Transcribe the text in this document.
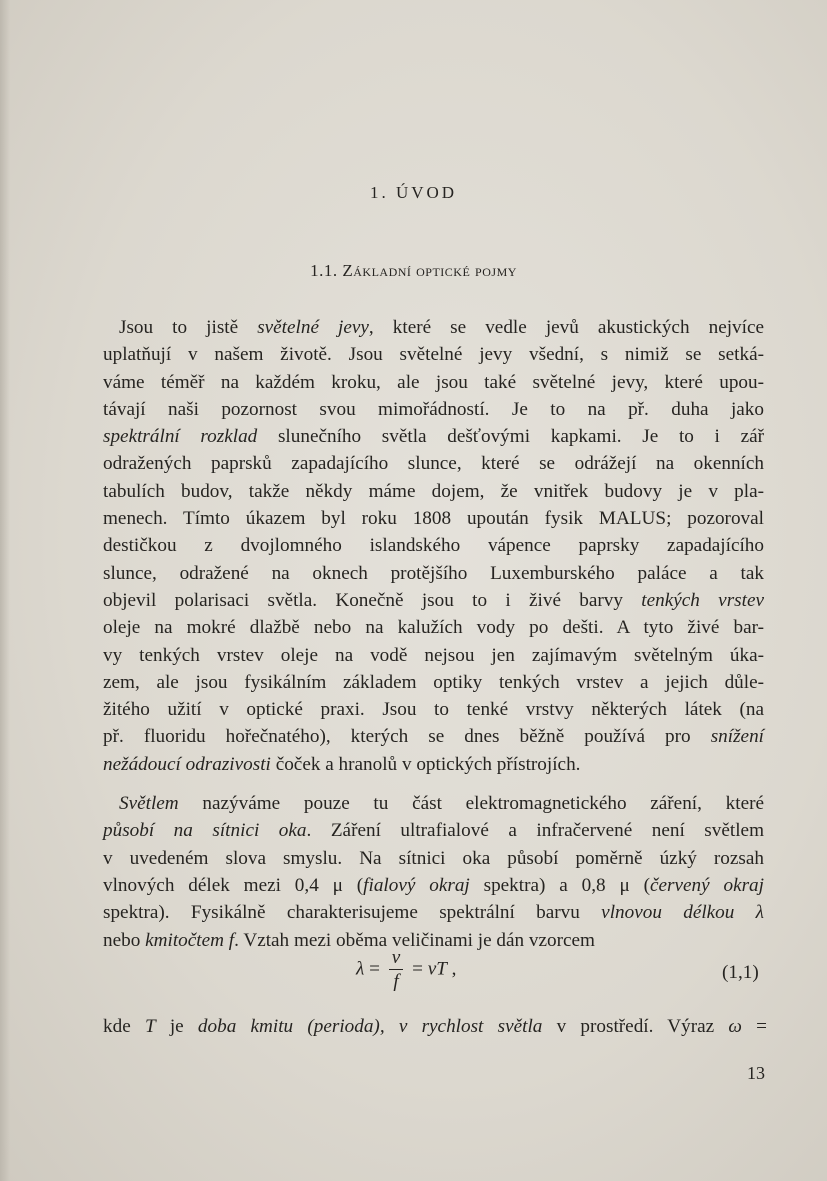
1. ÚVOD
1.1. Základní optické pojmy
Jsou to jistě světelné jevy, které se vedle jevů akustických nejvíce
uplatňují v našem životě. Jsou světelné jevy všední, s nimiž se setká-
váme téměř na každém kroku, ale jsou také světelné jevy, které upou-
távají naši pozornost svou mimořádností. Je to na př. duha jako
spektrální rozklad slunečního světla dešťovými kapkami. Je to i zář
odražených paprsků zapadajícího slunce, které se odrážejí na okenních
tabulích budov, takže někdy máme dojem, že vnitřek budovy je v pla-
menech. Tímto úkazem byl roku 1808 upoután fysik MALUS; pozoroval
destičkou z dvojlomného islandského vápence paprsky zapadajícího
slunce, odražené na oknech protějšího Luxemburského paláce a tak
objevil polarisaci světla. Konečně jsou to i živé barvy tenkých vrstev
oleje na mokré dlažbě nebo na kalužích vody po dešti. A tyto živé bar-
vy tenkých vrstev oleje na vodě nejsou jen zajímavým světelným úka-
zem, ale jsou fysikálním základem optiky tenkých vrstev a jejich důle-
žitého užití v optické praxi. Jsou to tenké vrstvy některých látek (na
př. fluoridu hořečnatého), kterých se dnes běžně používá pro snížení
nežádoucí odrazivosti čoček a hranolů v optických přístrojích.
Světlem nazýváme pouze tu část elektromagnetického záření, které
působí na sítnici oka. Záření ultrafialové a infračervené není světlem
v uvedeném slova smyslu. Na sítnici oka působí poměrně úzký rozsah
vlnových délek mezi 0,4 μ (fialový okraj spektra) a 0,8 μ (červený okraj
spektra). Fysikálně charakterisujeme spektrální barvu vlnovou délkou λ
nebo kmitočtem f. Vztah mezi oběma veličinami je dán vzorcem
$\lambda = \frac{v}{f}$ = vT ,	(1,1)
kde T je doba kmitu (perioda), v rychlost světla v prostředí. Výraz ω =
13
